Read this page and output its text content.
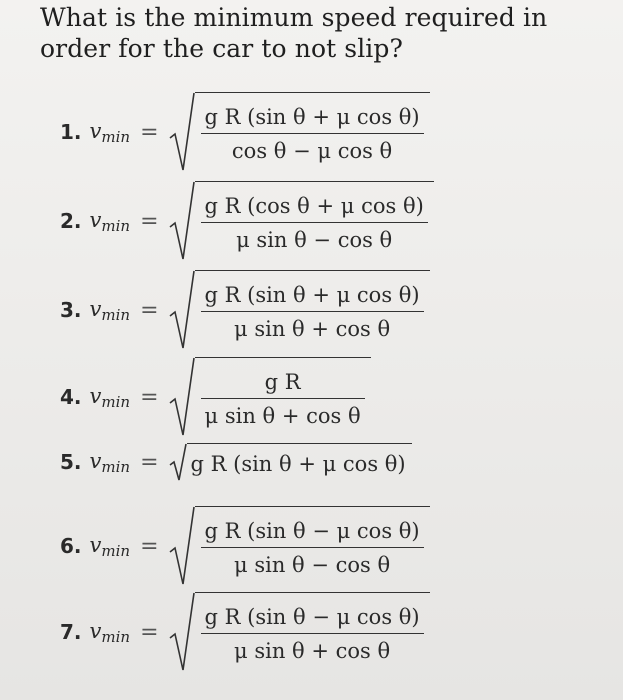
What is the minimum speed required in order for the car to not slip?
1. $v_{min} = \frac{\text{g R (sin θ + μ cos θ)}}{\text{cos θ − μ cos θ}}$
2. $v_{min} = \frac{\text{g R (cos θ + μ cos θ)}}{\text{μ sin θ − cos θ}}$
3. $v_{min} = \frac{\text{g R (sin θ + μ cos θ)}}{\text{μ sin θ + cos θ}}$
4. $v_{min} = \frac{\text{g R}}{\text{μ sin θ + cos θ}}$
5. $v_{min} = g$ R (sin θ + μ cos θ)
6. $v_{min} = \frac{\text{g R (sin θ − μ cos θ)}}{\text{μ sin θ − cos θ}}$
7. $v_{min} = \frac{\text{g R (sin θ − μ cos θ)}}{\text{μ sin θ + cos θ}}$
